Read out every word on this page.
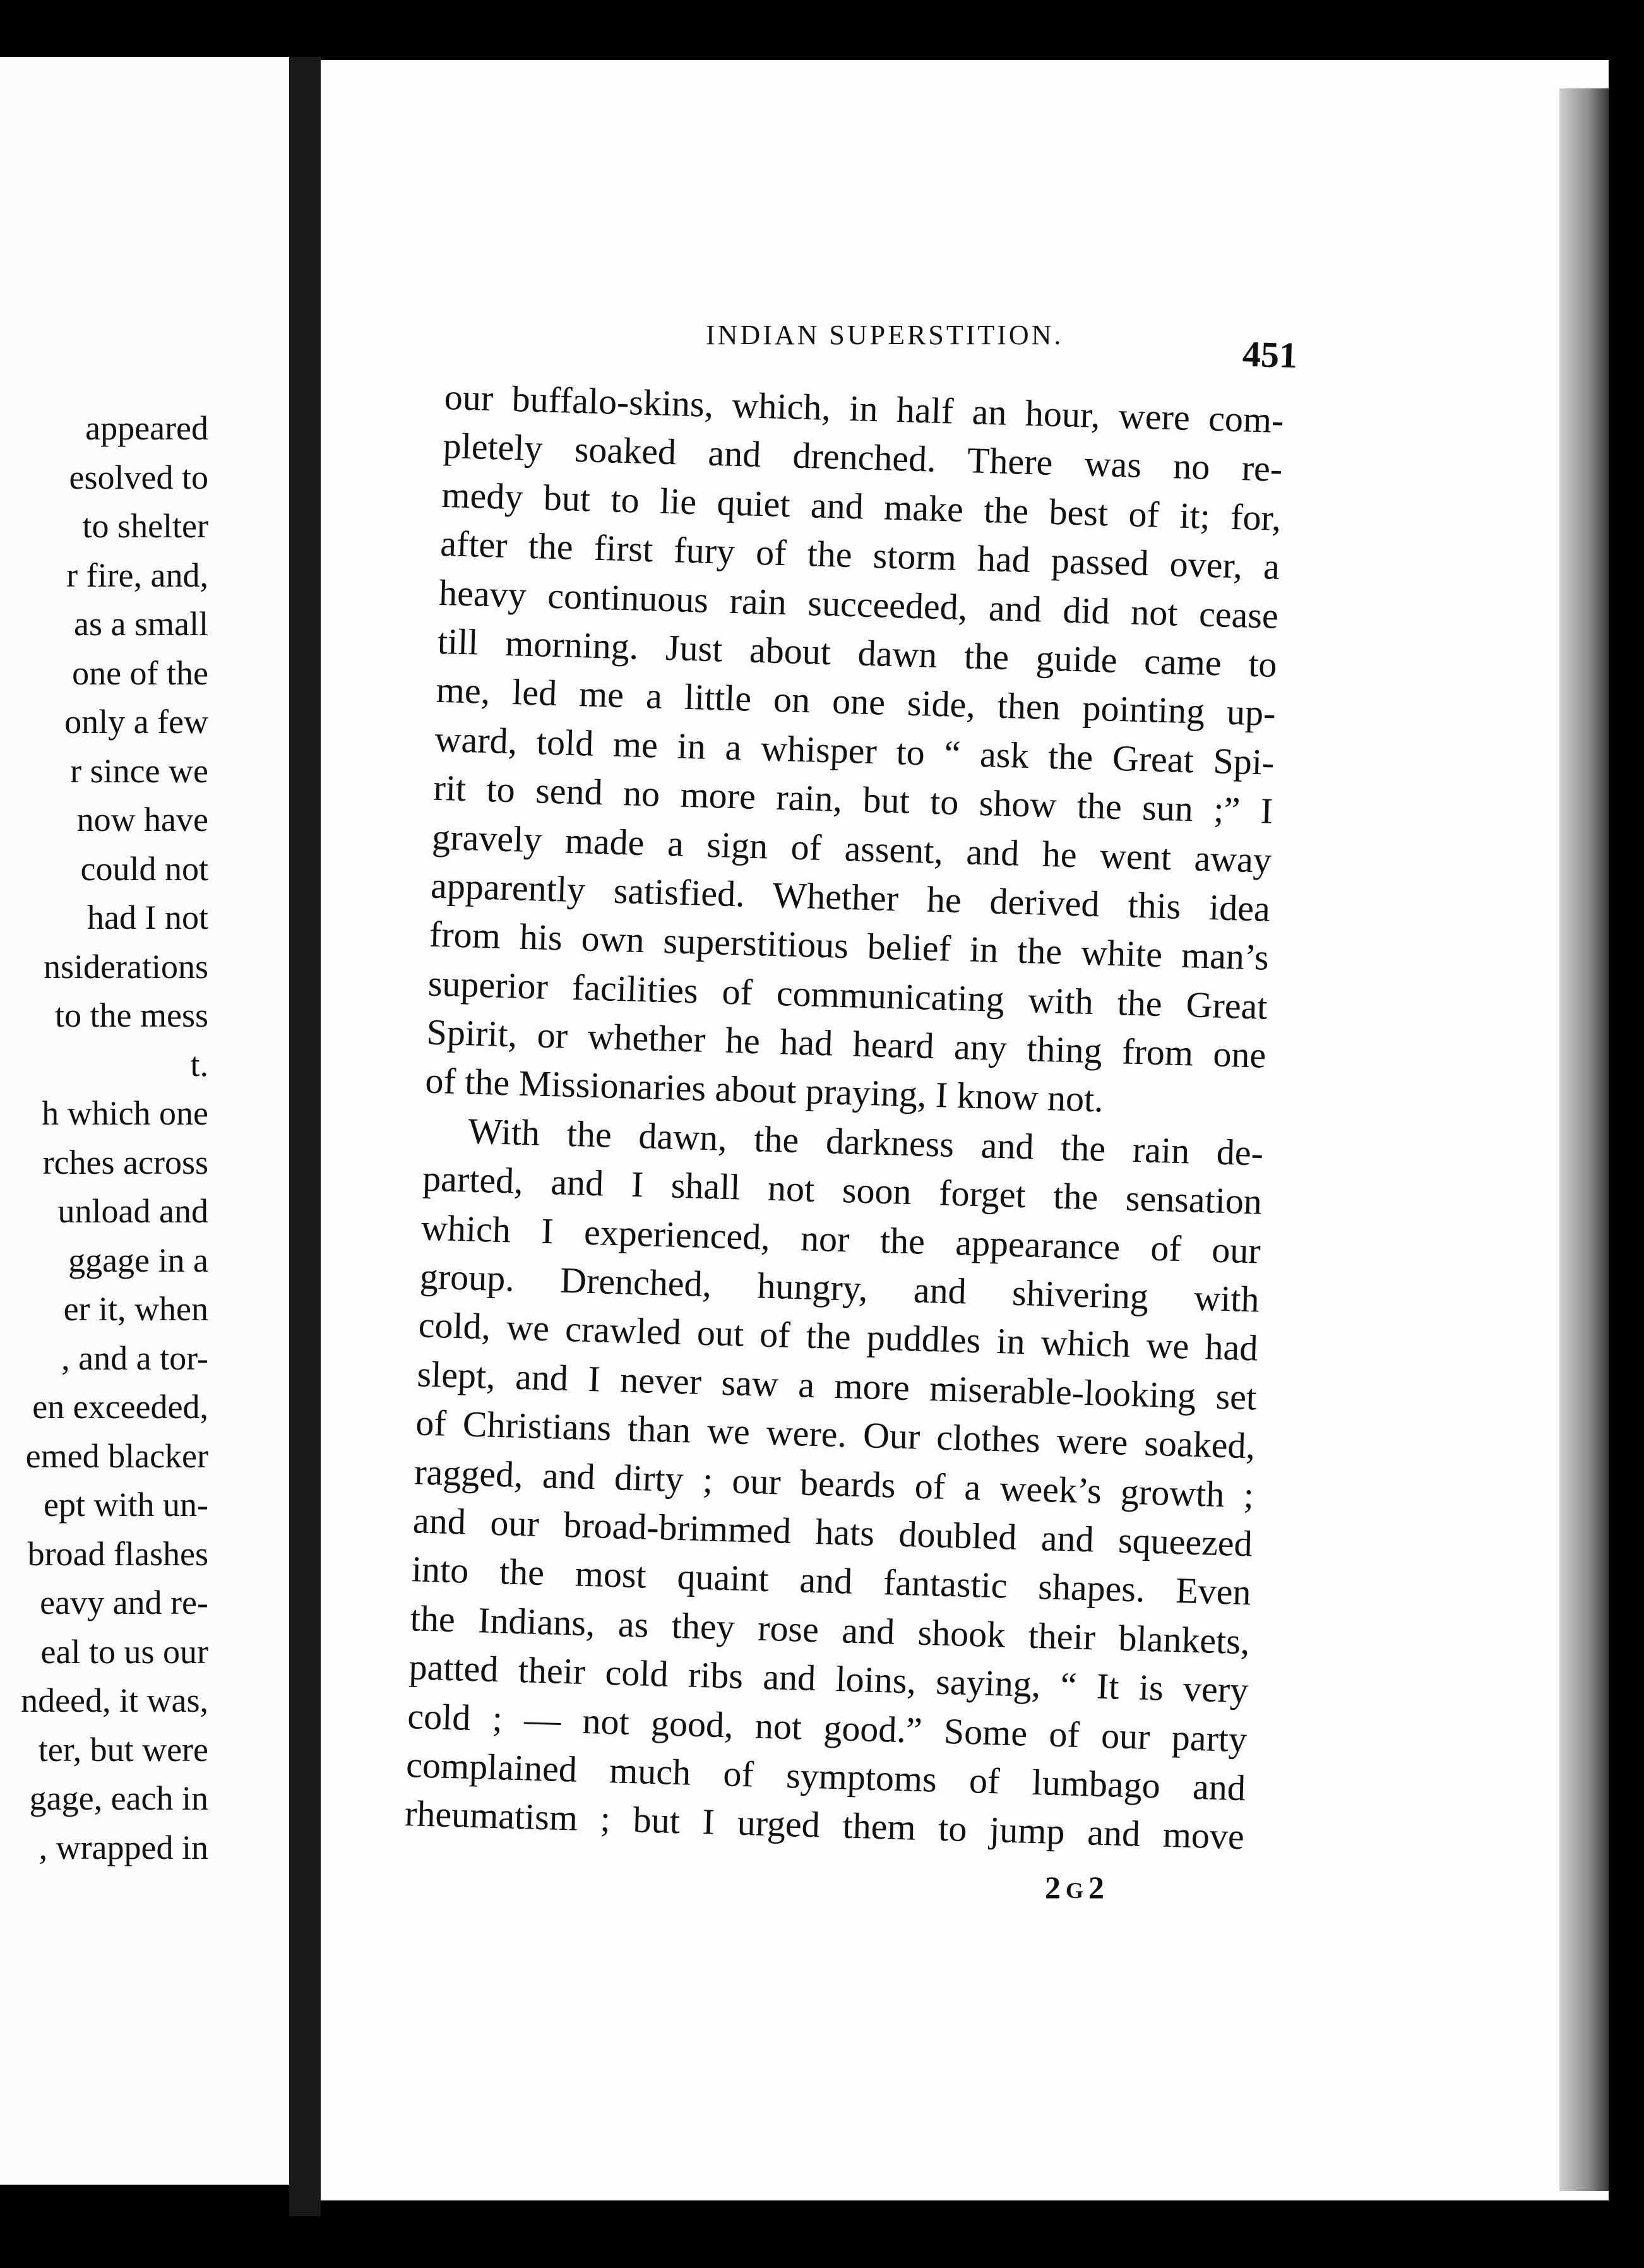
appeared
esolved to
to shelter
r fire, and,
as a small
one of the
only a few
r since we
now have
could not
had I not
nsiderations
to the mess
t.
h which one
rches across
unload and
ggage in a
er it, when
, and a tor-
en exceeded,
emed blacker
ept with un-
broad flashes
eavy and re-
eal to us our
ndeed, it was,
ter, but were
gage, each in
, wrapped in
INDIAN SUPERSTITION.	451
our buffalo-skins, which, in half an hour, were com-
pletely soaked and drenched. There was no re-
medy but to lie quiet and make the best of it; for,
after the first fury of the storm had passed over, a
heavy continuous rain succeeded, and did not cease
till morning. Just about dawn the guide came to
me, led me a little on one side, then pointing up-
ward, told me in a whisper to “ ask the Great Spi-
rit to send no more rain, but to show the sun ;” I
gravely made a sign of assent, and he went away
apparently satisfied. Whether he derived this idea
from his own superstitious belief in the white man’s
superior facilities of communicating with the Great
Spirit, or whether he had heard any thing from one
of the Missionaries about praying, I know not.
With the dawn, the darkness and the rain de-
parted, and I shall not soon forget the sensation
which I experienced, nor the appearance of our
group. Drenched, hungry, and shivering with
cold, we crawled out of the puddles in which we had
slept, and I never saw a more miserable-looking set
of Christians than we were. Our clothes were soaked,
ragged, and dirty ; our beards of a week’s growth ;
and our broad-brimmed hats doubled and squeezed
into the most quaint and fantastic shapes. Even
the Indians, as they rose and shook their blankets,
patted their cold ribs and loins, saying, “ It is very
cold ; — not good, not good.” Some of our party
complained much of symptoms of lumbago and
rheumatism ; but I urged them to jump and move
2G2
